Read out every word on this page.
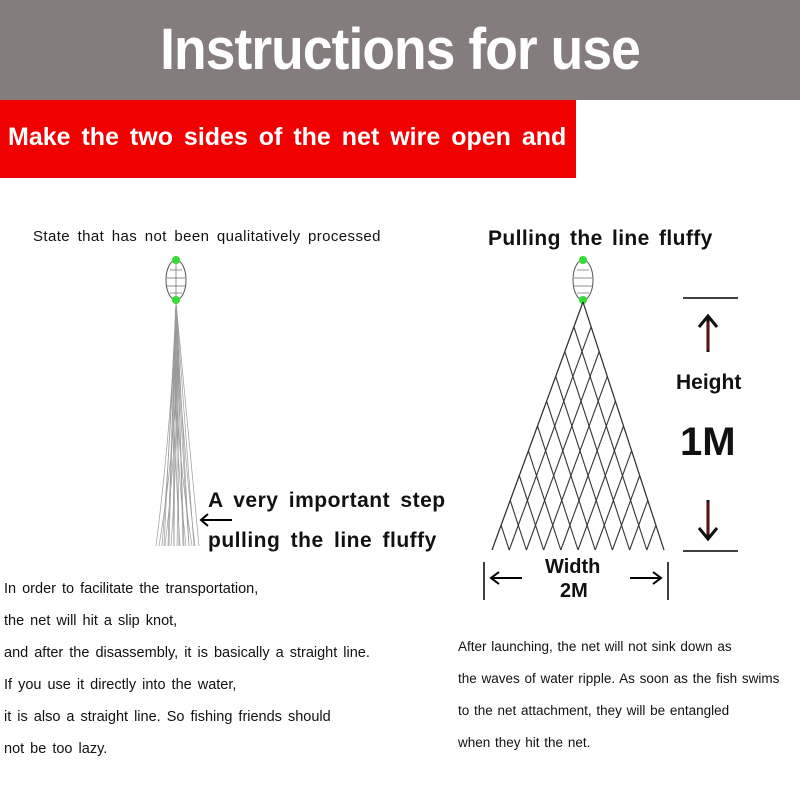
Instructions for use
Make the two sides of the net wire open and fluffy
State that has not been qualitatively processed	Pulling the line fluffy
A very important step
pulling the line fluffy
Height
1M
Width
2M
In order to facilitate the transportation,
the net will hit a slip knot,
and after the disassembly, it is basically a straight line.
If you use it directly into the water,
it is also a straight line. So fishing friends should
not be too lazy.
After launching, the net will not sink down as
the waves of water ripple. As soon as the fish swims
to the net attachment, they will be entangled
when they hit the net.
